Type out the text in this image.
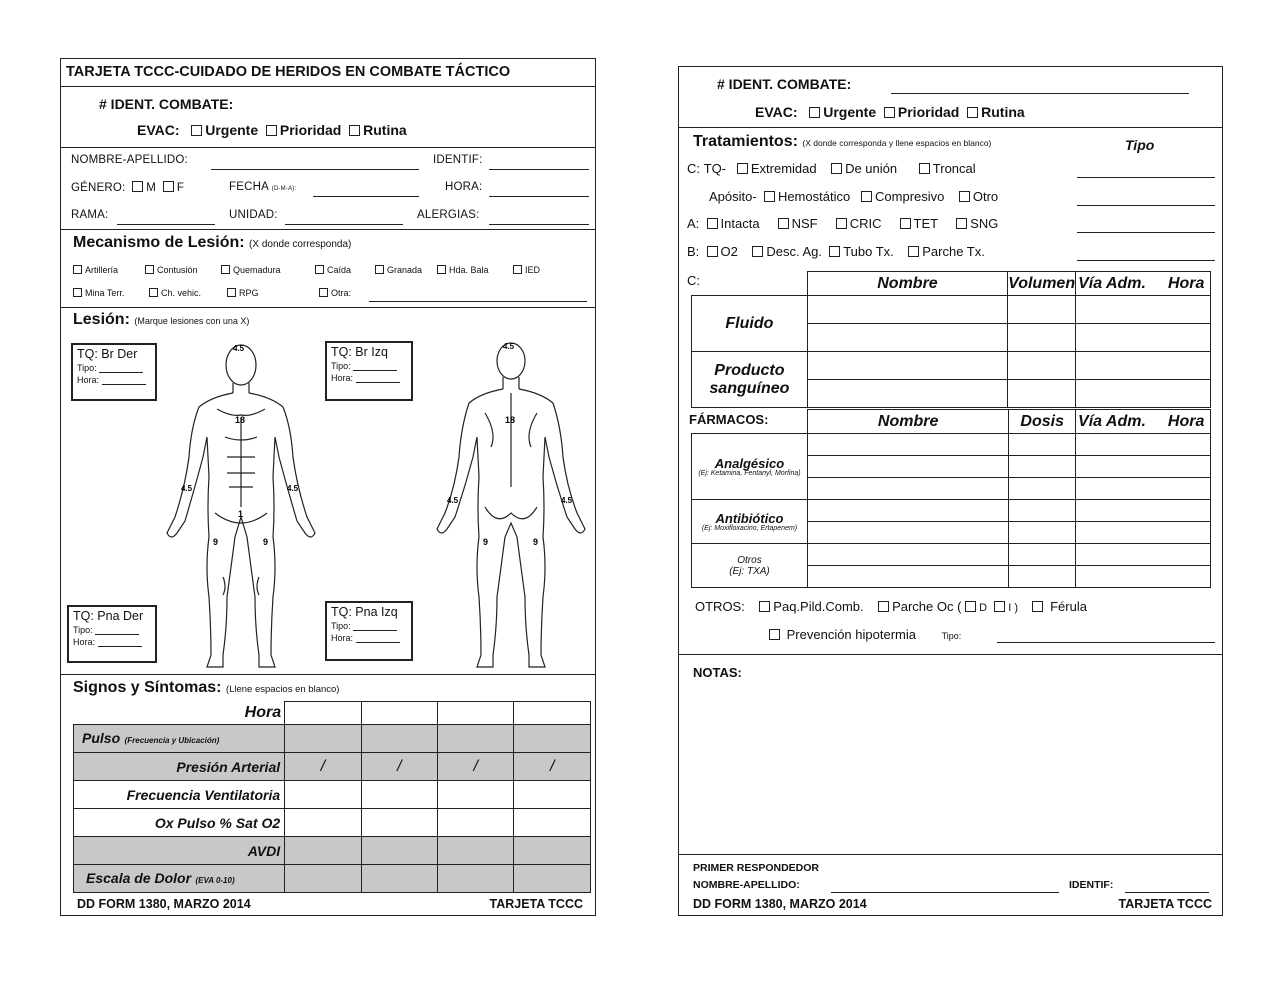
TARJETA TCCC-CUIDADO DE HERIDOS EN COMBATE TÁCTICO
# IDENT. COMBATE:
EVAC: Urgente Prioridad Rutina
NOMBRE-APELLIDO:	IDENTIF:
GÉNERO: M F	FECHA (D-M-A):	HORA:
RAMA:	UNIDAD:	ALERGIAS:
Mecanismo de Lesión: (X donde corresponda)
Artillería	Contusión	Quemadura	Caída	Granada	Hda. Bala	IED
Mina Terr.	Ch. vehic.	RPG	Otra:
Lesión: (Marque lesiones con una X)
TQ: Br Der
Tipo:
Hora:
TQ: Br Izq
Tipo:
Hora:
TQ: Pna Der
Tipo:
Hora:
TQ: Pna Izq
Tipo:
Hora:
4.5
18
4.5	4.5
1
9	9
4.5
18
4.5	4.5
9	9
Signos y Síntomas: (Llene espacios en blanco)
Hora				
Pulso (Frecuencia y Ubicación)				
Presión Arterial	/	/	/	/
Frecuencia Ventilatoria				
Ox Pulso % Sat O2				
AVDI				
Escala de Dolor (EVA 0-10)				
DD FORM 1380, MARZO 2014	TARJETA TCCC
# IDENT. COMBATE:
EVAC: Urgente Prioridad Rutina
Tratamientos: (X donde corresponda y llene espacios en blanco)	Tipo
C: TQ- Extremidad De unión	Troncal
Apósito- Hemostático Compresivo Otro
A: Intacta NSF CRIC TET SNG
B: O2 Desc. Ag. Tubo Tx. Parche Tx.
C:
		Nombre	Volumen	Vía Adm. Hora
Fluido			

Producto sanguíneo			

FÁRMACOS:
		Nombre	Dosis	Vía Adm. Hora

Analgésico
(Ej: Ketamina, Fentanyl, Morfina)			

Antibiótico
(Ej: Moxifloxacino, Ertapenem)			

Otros
(Ej: TXA)			

OTROS: Paq.Pild.Comb. Parche Oc ( D I ) Férula
Prevención hipotermia	Tipo:
NOTAS:
PRIMER RESPONDEDOR
NOMBRE-APELLIDO:	IDENTIF:
DD FORM 1380, MARZO 2014	TARJETA TCCC
